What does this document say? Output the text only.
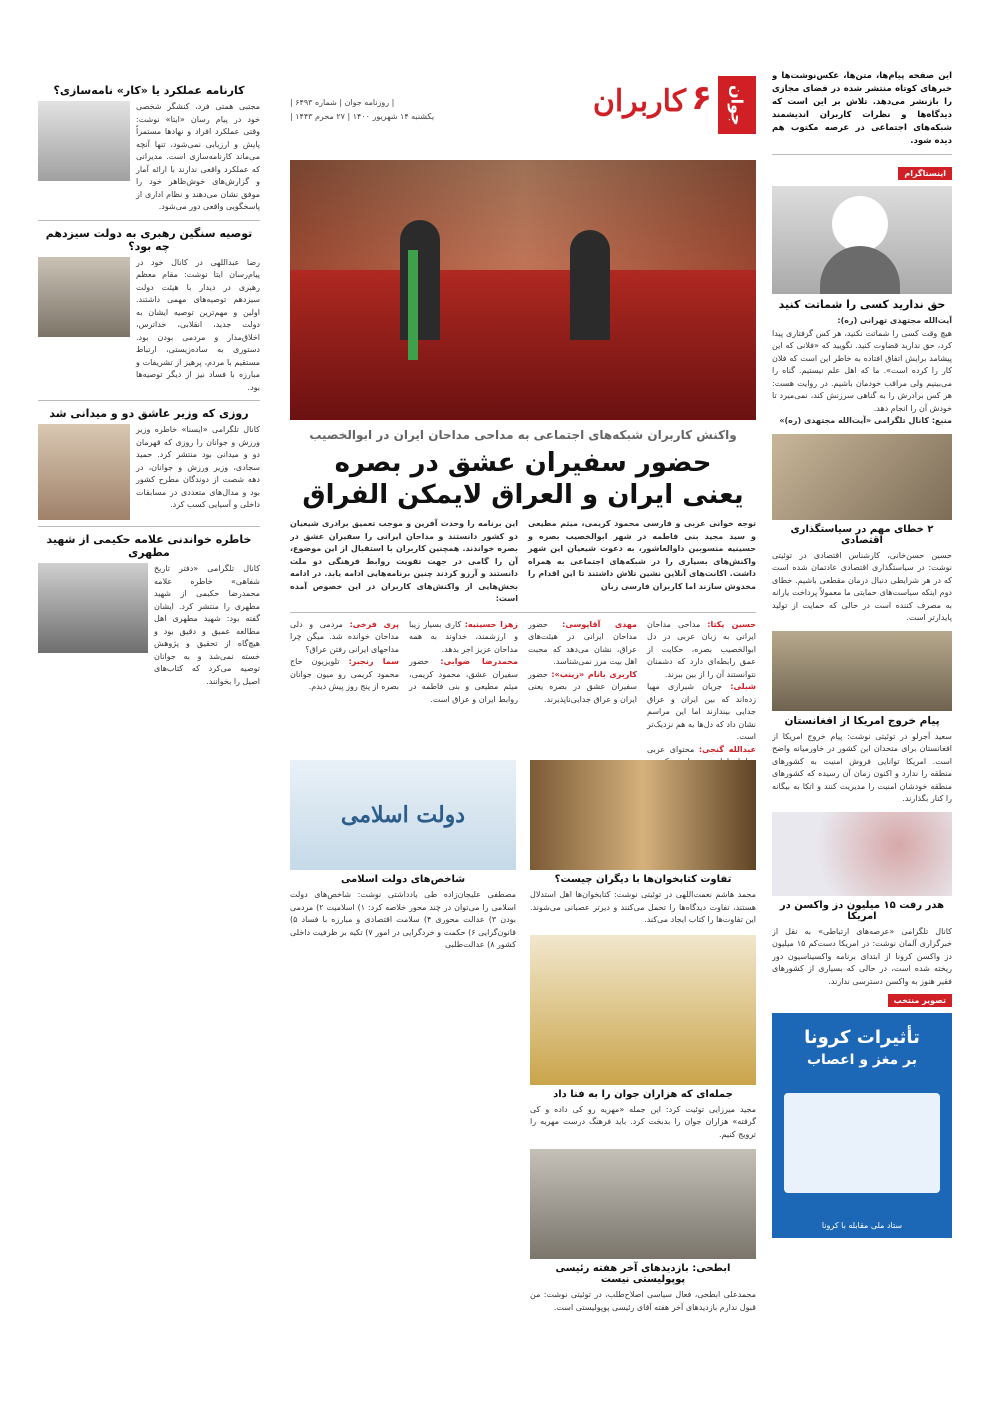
جوان
۶
کاربران
| روزنامه جوان | شماره ۶۴۹۳ |
یکشنبه ۱۴ شهریور ۱۴۰۰ | ۲۷ محرم ۱۴۴۳ |
این صفحه پیام‌ها، متن‌ها، عکس‌نوشت‌ها و خبرهای کوتاه منتشر شده در فضای مجازی را بازنشر می‌دهد. تلاش بر این است که دیدگاه‌ها و نظرات کاربران اندیشمند شبکه‌های اجتماعی در عرصه مکتوب هم دیده شود.
اینستاگرام
حق ندارید کسی را شماتت کنید
آیت‌الله مجتهدی تهرانی (ره):
هیچ وقت کسی را شماتت نکنید، هر کس گرفتاری پیدا کرد، حق ندارید قضاوت کنید. نگویید که «فلانی که این پیشامد برایش اتفاق افتاده به خاطر این است که فلان کار را کرده است». ما که اهل علم نیستیم. گناه را می‌بینیم ولی مراقب خودمان باشیم. در روایت هست: هر کس برادرش را به گناهی سرزنش کند، نمی‌میرد تا خودش آن را انجام دهد.
منبع: کانال تلگرامی «آیت‌الله مجتهدی (ره)»
۲ خطای مهم در سیاستگذاری اقتصادی
حسین حسن‌خانی، کارشناس اقتصادی در توئیتی نوشت: در سیاستگذاری اقتصادی عادتمان شده است که در هر شرایطی دنبال درمان مقطعی باشیم. خطای دوم اینکه سیاست‌های حمایتی ما معمولاً پرداخت یارانه به مصرف کننده است در حالی که حمایت از تولید پایدارتر است.
پیام خروج امریکا از افغانستان
سعید آجرلو در توئیتی نوشت: پیام خروج امریکا از افغانستان برای متحدان این کشور در خاورمیانه واضح است. امریکا توانایی فروش امنیت به کشورهای منطقه را ندارد و اکنون زمان آن رسیده که کشورهای منطقه خودشان امنیت را مدیریت کنند و اتکا به بیگانه را کنار بگذارند.
هدر رفت ۱۵ میلیون دز واکسن در امریکا
کانال تلگرامی «عرصه‌های ارتباطی» به نقل از خبرگزاری آلمان نوشت: در امریکا دست‌کم ۱۵ میلیون دز واکسن کرونا از ابتدای برنامه واکسیناسیون دور ریخته شده است، در حالی که بسیاری از کشورهای فقیر هنوز به واکسن دسترسی ندارند.
تصویر منتخب
تأثیرات کرونا
بر مغز و اعصاب
ستاد ملی مقابله با کرونا
واکنش کاربران شبکه‌های اجتماعی به مداحی مداحان ایران در ابوالخصیب
حضور سفیران عشق در بصره
یعنی ایران و العراق لایمکن الفراق
توجه خوانی عربی و فارسی محمود کریمی، میثم مطیعی و سید مجید بنی فاطمه در شهر ابوالخصیب بصره و حسینیه منسوبین داوالعاشور، به دعوت شیعیان این شهر واکنش‌های بسیاری را در شبکه‌های اجتماعی به همراه داشت. اکانت‌های آنلاین نشین تلاش داشتند تا این اقدام را مخدوش سازند اما کاربران فارسی زبان
این برنامه را وحدت آفرین و موجب تعمیق برادری شیعیان دو کشور دانستند و مداحان ایرانی را سفیران عشق در بصره خواندند. همچنین کاربران با استقبال از این موضوع، آن را گامی در جهت تقویت روابط فرهنگی دو ملت دانستند و آرزو کردند چنین برنامه‌هایی ادامه یابد. در ادامه بخش‌هایی از واکنش‌های کاربران در این خصوص آمده است:
حسین یکتا: مداحی مداحان ایرانی به زبان عربی در دل ابوالخصیب بصره، حکایت از عمق رابطه‌ای دارد که دشمنان نتوانستند آن را از بین ببرند.
شبلی: جریان شیرازی مهیا زده‌اند که بین ایران و عراق جدایی بیندازند اما این مراسم نشان داد که دل‌ها به هم نزدیک‌تر است.
عبدالله گنجی: محتوای عربی
مهدی آقاپوسی: حضور مداحان ایرانی در هیئت‌های عراق، نشان می‌دهد که محبت اهل بیت مرز نمی‌شناسد.
کاربری بانام «زینب»: حضور سفیران عشق در بصره یعنی ایران و عراق جدایی‌ناپذیرند.
زهرا حسینیه: کاری بسیار زیبا و ارزشمند، خداوند به همه مداحان عزیز اجر بدهد.
محمدرضا ضوابی: حضور سفیران عشق، محمود کریمی، میثم مطیعی و بنی فاطمه در روابط ایران و عراق است.
پری فرخی: مردمی و دلی مداحان خوانده شد. میگن چرا مداحهای ایرانی رفتن عراق؟
سما رنجبر: تلویزیون حاج محمود کریمی رو میون جوانان بصره از پنج روز پیش دیدم.
تفاوت کتابخوان‌ها با دیگران چیست؟
محمد هاشم نعمت‌اللهی در توئیتی نوشت: کتابخوان‌ها اهل استدلال هستند، تفاوت دیدگاه‌ها را تحمل می‌کنند و دیرتر عصبانی می‌شوند. این تفاوت‌ها را کتاب ایجاد می‌کند.
جمله‌ای که هزاران جوان را به فنا داد
مجید میرزایی توئیت کرد: این جمله «مهریه رو کی داده و کی گرفته» هزاران جوان را بدبخت کرد. باید فرهنگ درست مهریه را ترویج کنیم.
ابطحی: بازدیدهای آخر هفته رئیسی پوپولیستی نیست
محمدعلی ابطحی، فعال سیاسی اصلاح‌طلب، در توئیتی نوشت: من قبول ندارم بازدیدهای آخر هفته آقای رئیسی پوپولیستی است.
دولت اسلامی
شاخص‌های دولت اسلامی
مصطفی علیجان‌زاده طی یادداشتی نوشت: شاخص‌های دولت اسلامی را می‌توان در چند محور خلاصه کرد: ۱) اسلامیت ۲) مردمی بودن ۳) عدالت محوری ۴) سلامت اقتصادی و مبارزه با فساد ۵) قانون‌گرایی ۶) حکمت و خردگرایی در امور ۷) تکیه بر ظرفیت داخلی کشور ۸) عدالت‌طلبی
کارنامه عملکرد یا «کار» نامه‌سازی؟
مجتبی همتی فرد، کنشگر شخصی خود در پیام رسان «ایتا» نوشت: وقتی عملکرد افراد و نهادها مستمراً پایش و ارزیابی نمی‌شود، تنها آنچه می‌ماند کارنامه‌سازی است. مدیرانی که عملکرد واقعی ندارند با ارائه آمار و گزارش‌های خوش‌ظاهر خود را موفق نشان می‌دهند و نظام اداری از پاسخگویی واقعی دور می‌شود.
توصیه سنگین رهبری به دولت سیزدهم چه بود؟
رضا عبداللهی در کانال خود در پیام‌رسان ایتا نوشت: مقام معظم رهبری در دیدار با هیئت دولت سیزدهم توصیه‌های مهمی داشتند. اولین و مهم‌ترین توصیه ایشان به دولت جدید، انقلابی، خداترس، اخلاق‌مدار و مردمی بودن بود. دستوری به ساده‌زیستی، ارتباط مستقیم با مردم، پرهیز از تشریفات و مبارزه با فساد نیز از دیگر توصیه‌ها بود.
روزی که وزیر عاشق دو و میدانی شد
کانال تلگرامی «ایسنا» خاطره وزیر ورزش و جوانان را روزی که قهرمان دو و میدانی بود منتشر کرد. حمید سجادی، وزیر ورزش و جوانان، در دهه شصت از دوندگان مطرح کشور بود و مدال‌های متعددی در مسابقات داخلی و آسیایی کسب کرد.
خاطره خواندنی علامه حکیمی از شهید مطهری
کانال تلگرامی «دفتر تاریخ شفاهی» خاطره علامه محمدرضا حکیمی از شهید مطهری را منتشر کرد. ایشان گفته بود: شهید مطهری اهل مطالعه عمیق و دقیق بود و هیچ‌گاه از تحقیق و پژوهش خسته نمی‌شد و به جوانان توصیه می‌کرد که کتاب‌های اصیل را بخوانند.
